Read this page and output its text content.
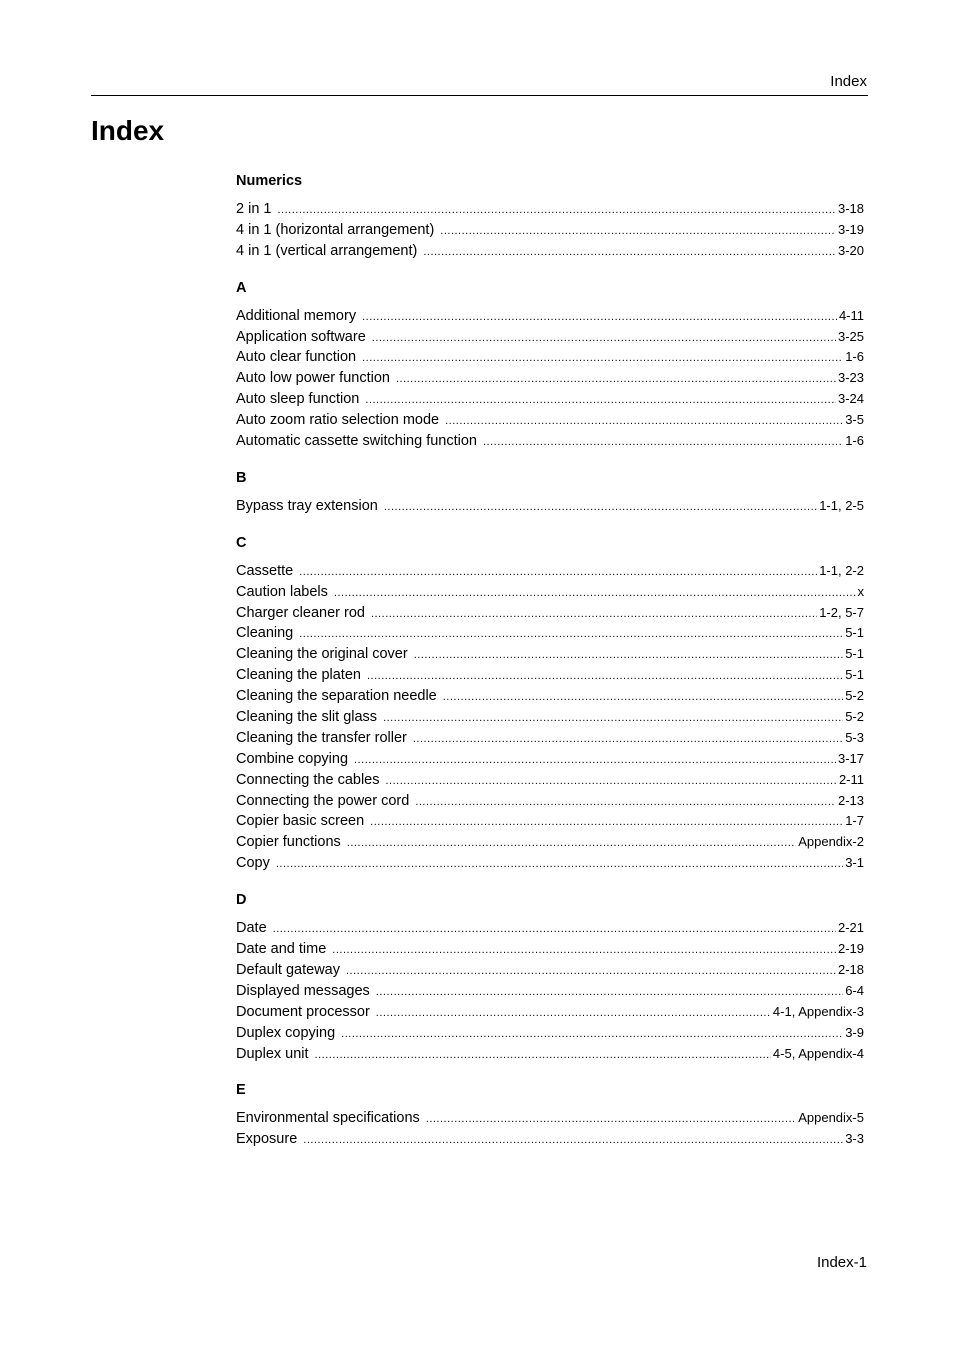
Index
Index
Numerics
2 in 1 .....	3-18
4 in 1 (horizontal arrangement) .....	3-19
4 in 1 (vertical arrangement) .....	3-20
A
Additional memory .....	4-11
Application software .....	3-25
Auto clear function .....	1-6
Auto low power function .....	3-23
Auto sleep function .....	3-24
Auto zoom ratio selection mode .....	3-5
Automatic cassette switching function .....	1-6
B
Bypass tray extension .....	1-1, 2-5
C
Cassette .....	1-1, 2-2
Caution labels .....	x
Charger cleaner rod .....	1-2, 5-7
Cleaning .....	5-1
Cleaning the original cover .....	5-1
Cleaning the platen .....	5-1
Cleaning the separation needle .....	5-2
Cleaning the slit glass .....	5-2
Cleaning the transfer roller .....	5-3
Combine copying .....	3-17
Connecting the cables .....	2-11
Connecting the power cord .....	2-13
Copier basic screen .....	1-7
Copier functions .....	Appendix-2
Copy .....	3-1
D
Date .....	2-21
Date and time .....	2-19
Default gateway .....	2-18
Displayed messages .....	6-4
Document processor .....	4-1, Appendix-3
Duplex copying .....	3-9
Duplex unit .....	4-5, Appendix-4
E
Environmental specifications .....	Appendix-5
Exposure .....	3-3
Index-1
